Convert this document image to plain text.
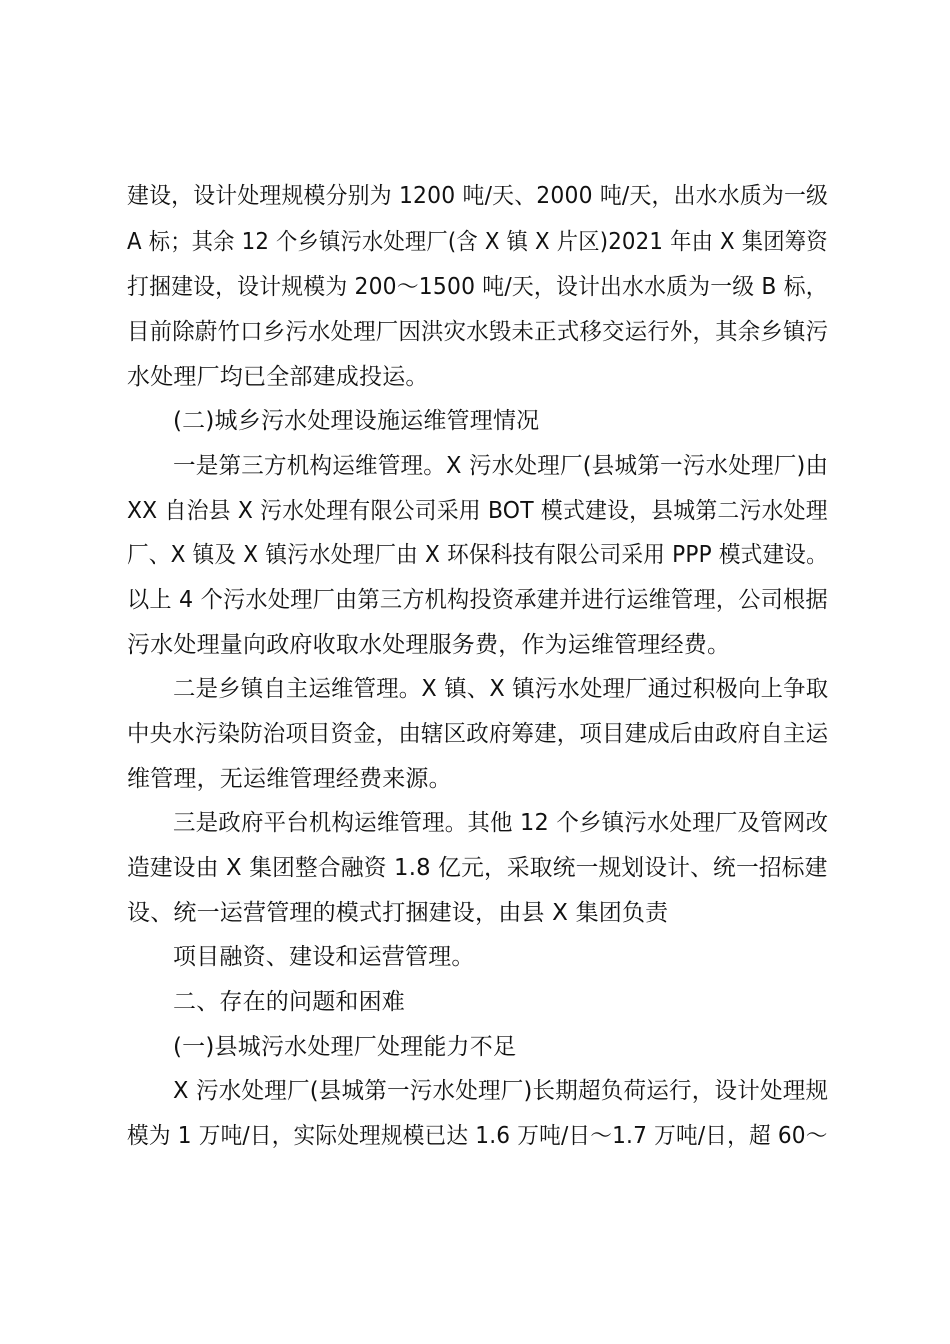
建设，设计处理规模分别为 1200 吨/天、2000 吨/天，出水水质为一级
A 标；其余 12 个乡镇污水处理厂(含 X 镇 X 片区)2021 年由 X 集团筹资
打捆建设，设计规模为 200～1500 吨/天，设计出水水质为一级 B 标，
目前除蔚竹口乡污水处理厂因洪灾水毁未正式移交运行外，其余乡镇污
水处理厂均已全部建成投运。
(二)城乡污水处理设施运维管理情况
一是第三方机构运维管理。X 污水处理厂(县城第一污水处理厂)由
XX 自治县 X 污水处理有限公司采用 BOT 模式建设，县城第二污水处理
厂、X 镇及 X 镇污水处理厂由 X 环保科技有限公司采用 PPP 模式建设。
以上 4 个污水处理厂由第三方机构投资承建并进行运维管理，公司根据
污水处理量向政府收取水处理服务费，作为运维管理经费。
二是乡镇自主运维管理。X 镇、X 镇污水处理厂通过积极向上争取
中央水污染防治项目资金，由辖区政府筹建，项目建成后由政府自主运
维管理，无运维管理经费来源。
三是政府平台机构运维管理。其他 12 个乡镇污水处理厂及管网改
造建设由 X 集团整合融资 1.8 亿元，采取统一规划设计、统一招标建
设、统一运营管理的模式打捆建设，由县 X 集团负责
项目融资、建设和运营管理。
二、存在的问题和困难
(一)县城污水处理厂处理能力不足
X 污水处理厂(县城第一污水处理厂)长期超负荷运行，设计处理规
模为 1 万吨/日，实际处理规模已达 1.6 万吨/日～1.7 万吨/日，超 60～
